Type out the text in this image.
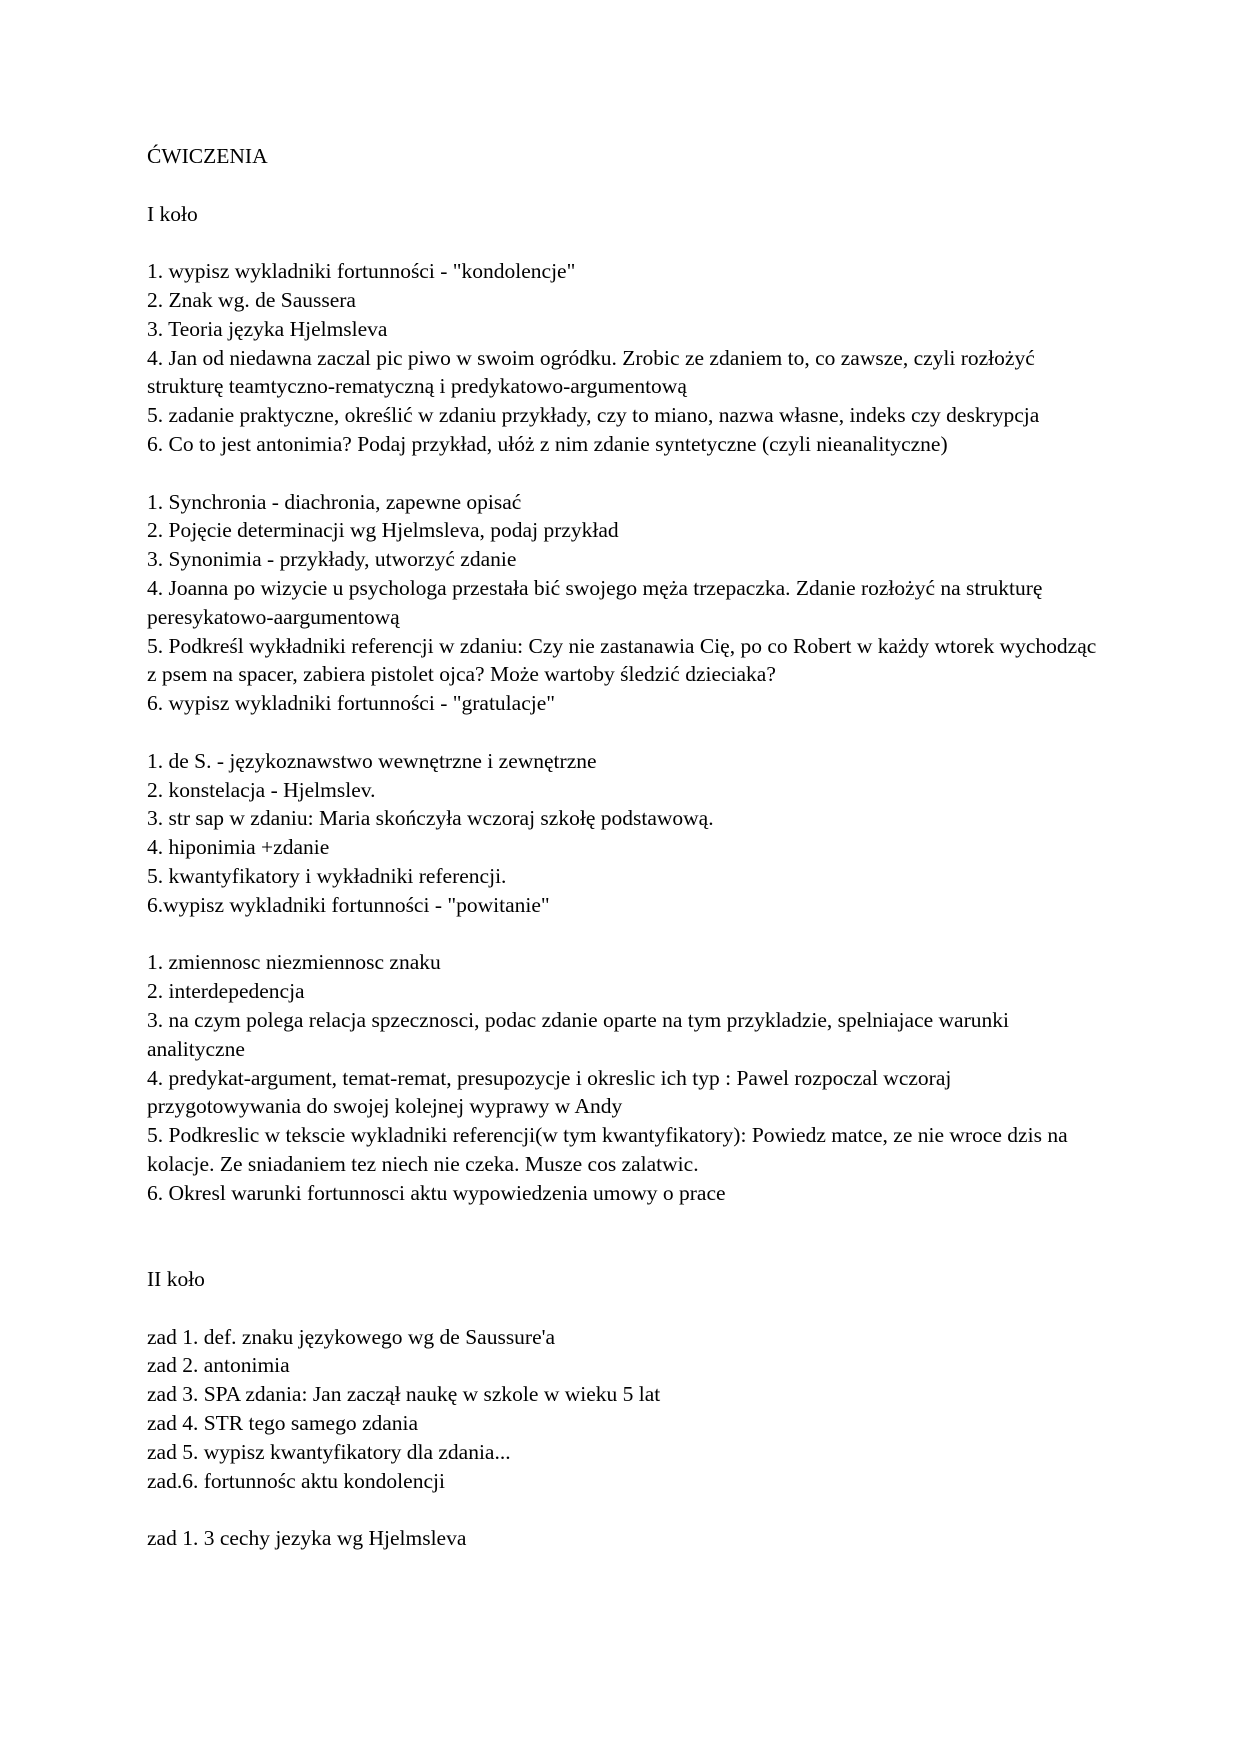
ĆWICZENIA
I koło
1. wypisz wykladniki fortunności - "kondolencje"
2. Znak wg. de Saussera
3. Teoria języka Hjelmsleva
4. Jan od niedawna zaczal pic piwo w swoim ogródku. Zrobic ze zdaniem to, co zawsze, czyli rozłożyć strukturę teamtyczno-rematyczną i predykatowo-argumentową
5. zadanie praktyczne, określić w zdaniu przykłady, czy to miano, nazwa własne, indeks czy deskrypcja
6. Co to jest antonimia? Podaj przykład, ułóż z nim zdanie syntetyczne (czyli nieanalityczne)
1. Synchronia - diachronia, zapewne opisać
2. Pojęcie determinacji wg Hjelmsleva, podaj przykład
3. Synonimia - przykłady, utworzyć zdanie
4. Joanna po wizycie u psychologa przestała bić swojego męża trzepaczka. Zdanie rozłożyć na strukturę peresykatowo-aargumentową
5. Podkreśl wykładniki referencji w zdaniu: Czy nie zastanawia Cię, po co Robert w każdy wtorek wychodząc z psem na spacer, zabiera pistolet ojca? Może wartoby śledzić dzieciaka?
6. wypisz wykladniki fortunności - "gratulacje"
1. de S. - językoznawstwo wewnętrzne i zewnętrzne
2. konstelacja - Hjelmslev.
3. str sap w zdaniu: Maria skończyła wczoraj szkołę podstawową.
4. hiponimia +zdanie
5. kwantyfikatory i wykładniki referencji.
6.wypisz wykladniki fortunności - "powitanie"
1. zmiennosc niezmiennosc znaku
2. interdepedencja
3. na czym polega relacja spzecznosci, podac zdanie oparte na tym przykladzie, spelniajace warunki analityczne
4. predykat-argument, temat-remat, presupozycje i okreslic ich typ : Pawel rozpoczal wczoraj przygotowywania do swojej kolejnej wyprawy w Andy
5. Podkreslic w tekscie wykladniki referencji(w tym kwantyfikatory): Powiedz matce, ze nie wroce dzis na kolacje. Ze sniadaniem tez niech nie czeka. Musze cos zalatwic.
6. Okresl warunki fortunnosci aktu wypowiedzenia umowy o prace
II koło
zad 1. def. znaku językowego wg de Saussure'a
zad 2. antonimia
zad 3. SPA zdania: Jan zaczął naukę w szkole w wieku 5 lat
zad 4. STR tego samego zdania
zad 5. wypisz kwantyfikatory dla zdania...
zad.6. fortunnośc aktu kondolencji
zad 1. 3 cechy jezyka wg Hjelmsleva
